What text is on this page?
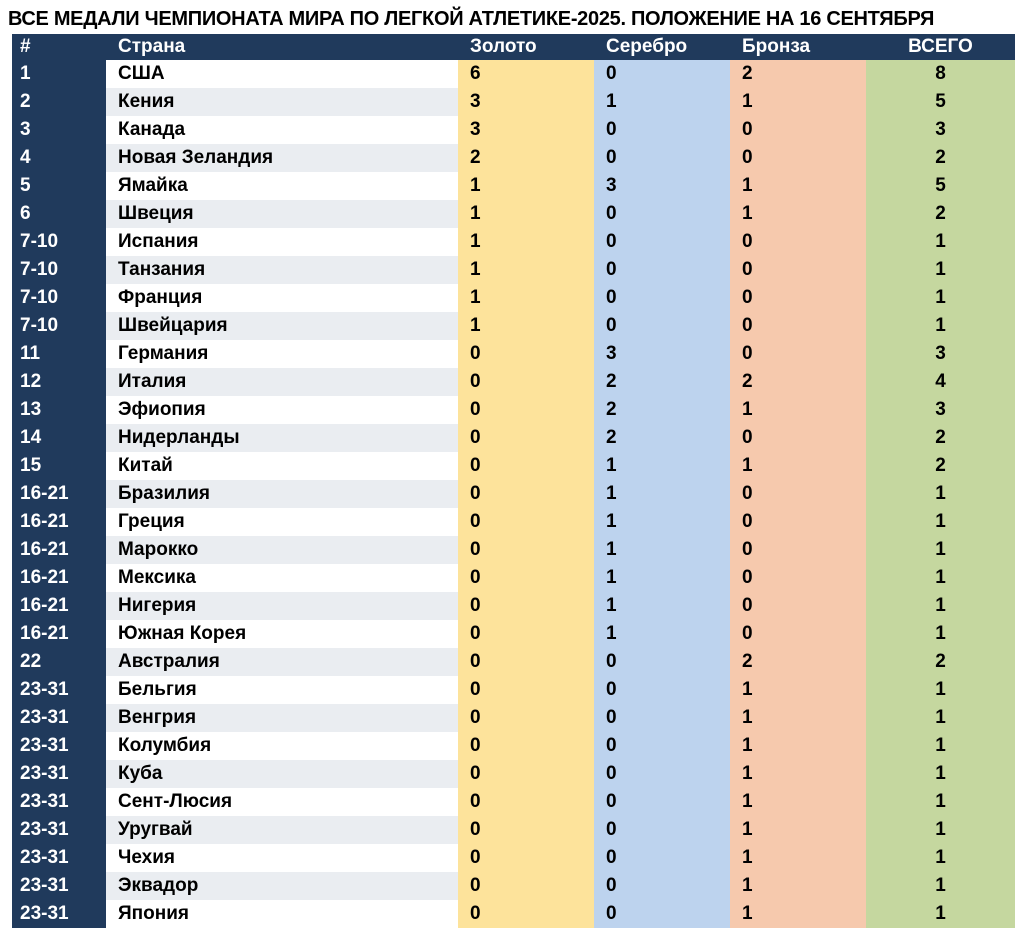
ВСЕ МЕДАЛИ ЧЕМПИОНАТА МИРА ПО ЛЕГКОЙ АТЛЕТИКЕ-2025. ПОЛОЖЕНИЕ НА 16 СЕНТЯБРЯ
#	Страна	Золото	Серебро	Бронза	ВСЕГО
1	США	6	0	2	8
2	Кения	3	1	1	5
3	Канада	3	0	0	3
4	Новая Зеландия	2	0	0	2
5	Ямайка	1	3	1	5
6	Швеция	1	0	1	2
7-10	Испания	1	0	0	1
7-10	Танзания	1	0	0	1
7-10	Франция	1	0	0	1
7-10	Швейцария	1	0	0	1
11	Германия	0	3	0	3
12	Италия	0	2	2	4
13	Эфиопия	0	2	1	3
14	Нидерланды	0	2	0	2
15	Китай	0	1	1	2
16-21	Бразилия	0	1	0	1
16-21	Греция	0	1	0	1
16-21	Марокко	0	1	0	1
16-21	Мексика	0	1	0	1
16-21	Нигерия	0	1	0	1
16-21	Южная Корея	0	1	0	1
22	Австралия	0	0	2	2
23-31	Бельгия	0	0	1	1
23-31	Венгрия	0	0	1	1
23-31	Колумбия	0	0	1	1
23-31	Куба	0	0	1	1
23-31	Сент-Люсия	0	0	1	1
23-31	Уругвай	0	0	1	1
23-31	Чехия	0	0	1	1
23-31	Эквадор	0	0	1	1
23-31	Япония	0	0	1	1
